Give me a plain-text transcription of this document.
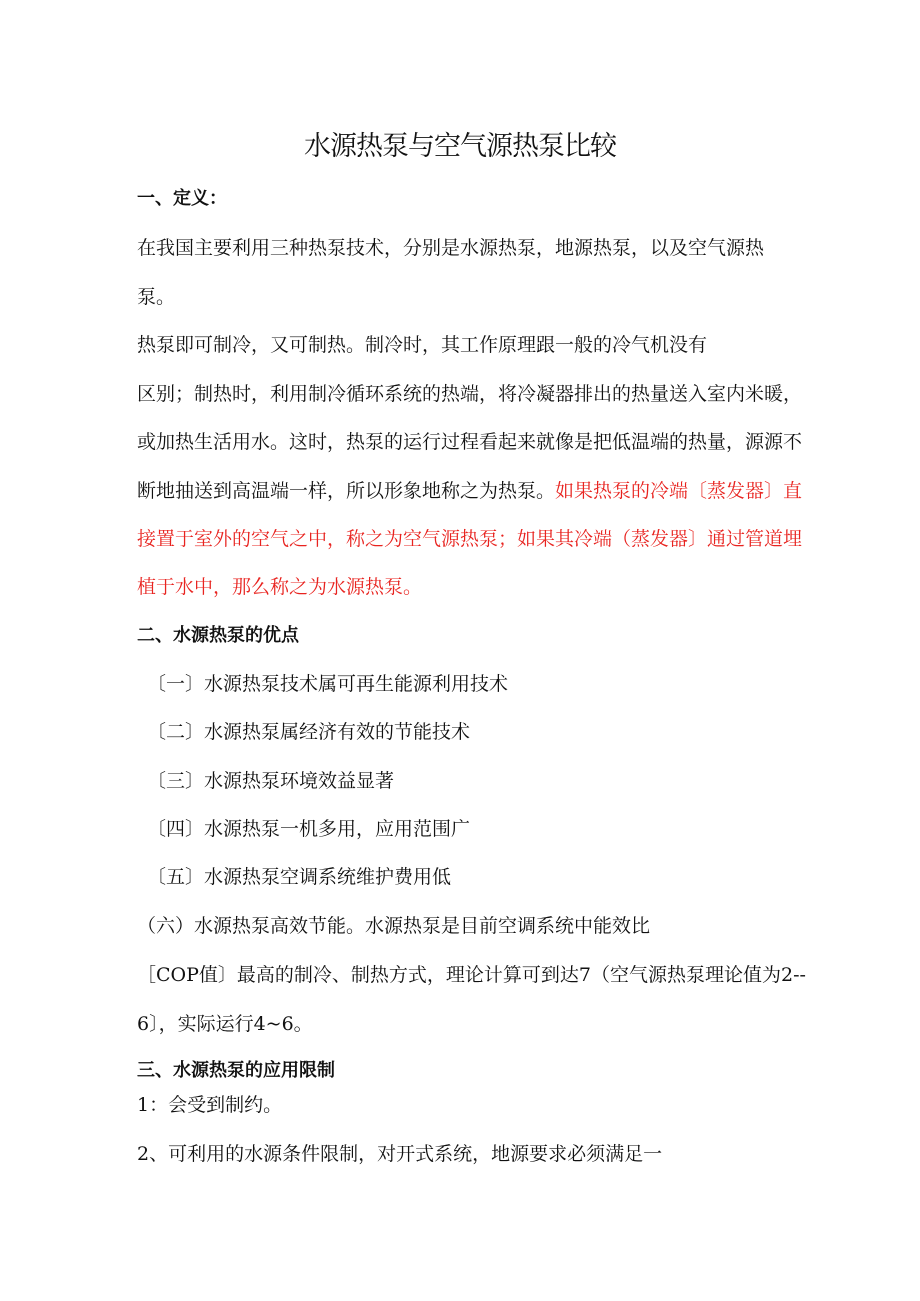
水源热泵与空气源热泵比较
一、定义：
在我国主要利用三种热泵技术，分别是水源热泵，地源热泵，以及空气源热
泵。
热泵即可制冷，又可制热。制冷时，其工作原理跟一般的冷气机没有
区别；制热时，利用制冷循环系统的热端，将冷凝器排出的热量送入室内米暖，
或加热生活用水。这时，热泵的运行过程看起来就像是把低温端的热量，源源不
断地抽送到高温端一样，所以形象地称之为热泵。如果热泵的冷端〔蒸发器〕直
接置于室外的空气之中，称之为空气源热泵；如果其冷端（蒸发器〕通过管道埋
植于水中，那么称之为水源热泵。
二、水源热泵的优点
〔一〕水源热泵技术属可再生能源利用技术
〔二〕水源热泵属经济有效的节能技术
〔三〕水源热泵环境效益显著
〔四〕水源热泵一机多用，应用范围广
〔五〕水源热泵空调系统维护费用低
（六）水源热泵高效节能。水源热泵是目前空调系统中能效比
［COP值〕最高的制冷、制热方式，理论计算可到达7（空气源热泵理论值为2--
6〕，实际运行4~6。
三、水源热泵的应用限制
1：会受到制约。
2、可利用的水源条件限制，对开式系统，地源要求必须满足一
